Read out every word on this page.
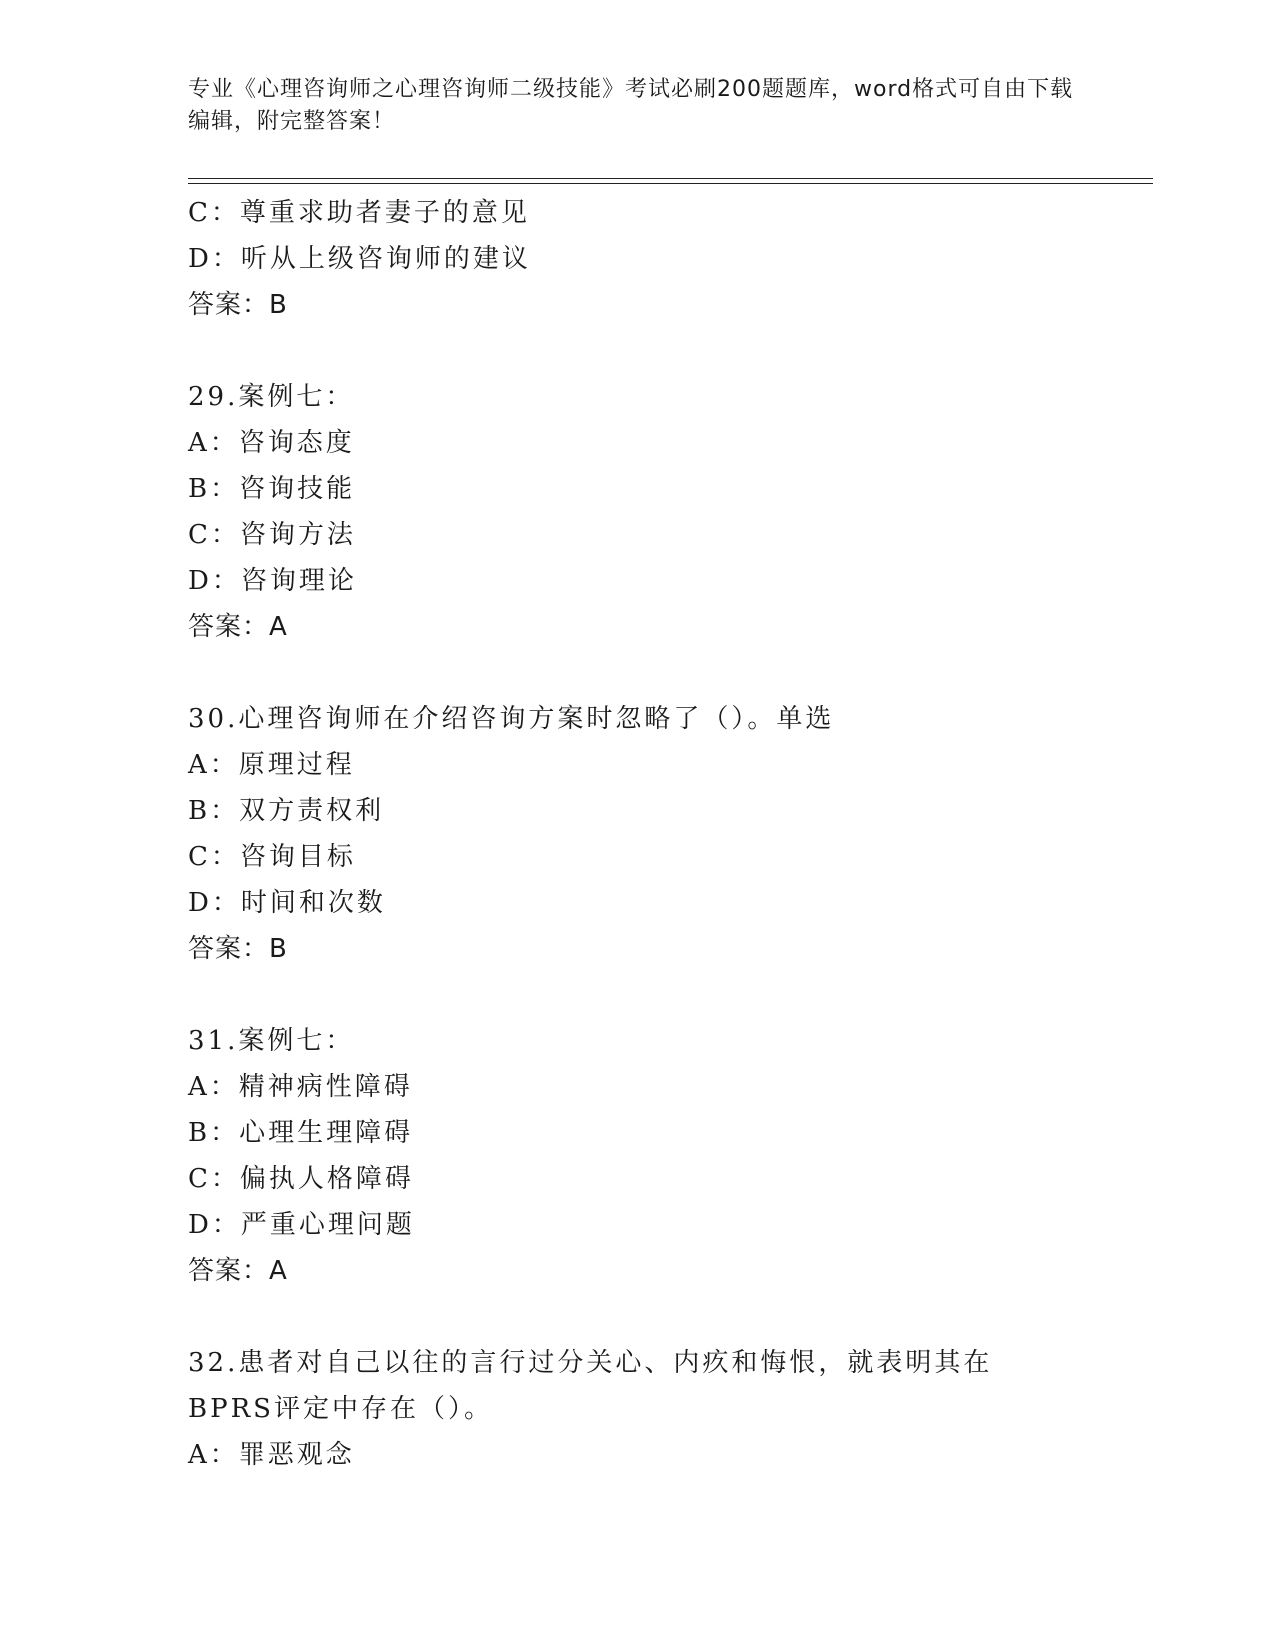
专业《心理咨询师之心理咨询师二级技能》考试必刷200题题库，word格式可自由下载编辑，附完整答案！
C：尊重求助者妻子的意见
D：听从上级咨询师的建议
答案：B
29.案例七：
A：咨询态度
B：咨询技能
C：咨询方法
D：咨询理论
答案：A
30.心理咨询师在介绍咨询方案时忽略了（）。单选
A：原理过程
B：双方责权利
C：咨询目标
D：时间和次数
答案：B
31.案例七：
A：精神病性障碍
B：心理生理障碍
C：偏执人格障碍
D：严重心理问题
答案：A
32.患者对自己以往的言行过分关心、内疚和悔恨，就表明其在BPRS评定中存在（）。
A：罪恶观念
